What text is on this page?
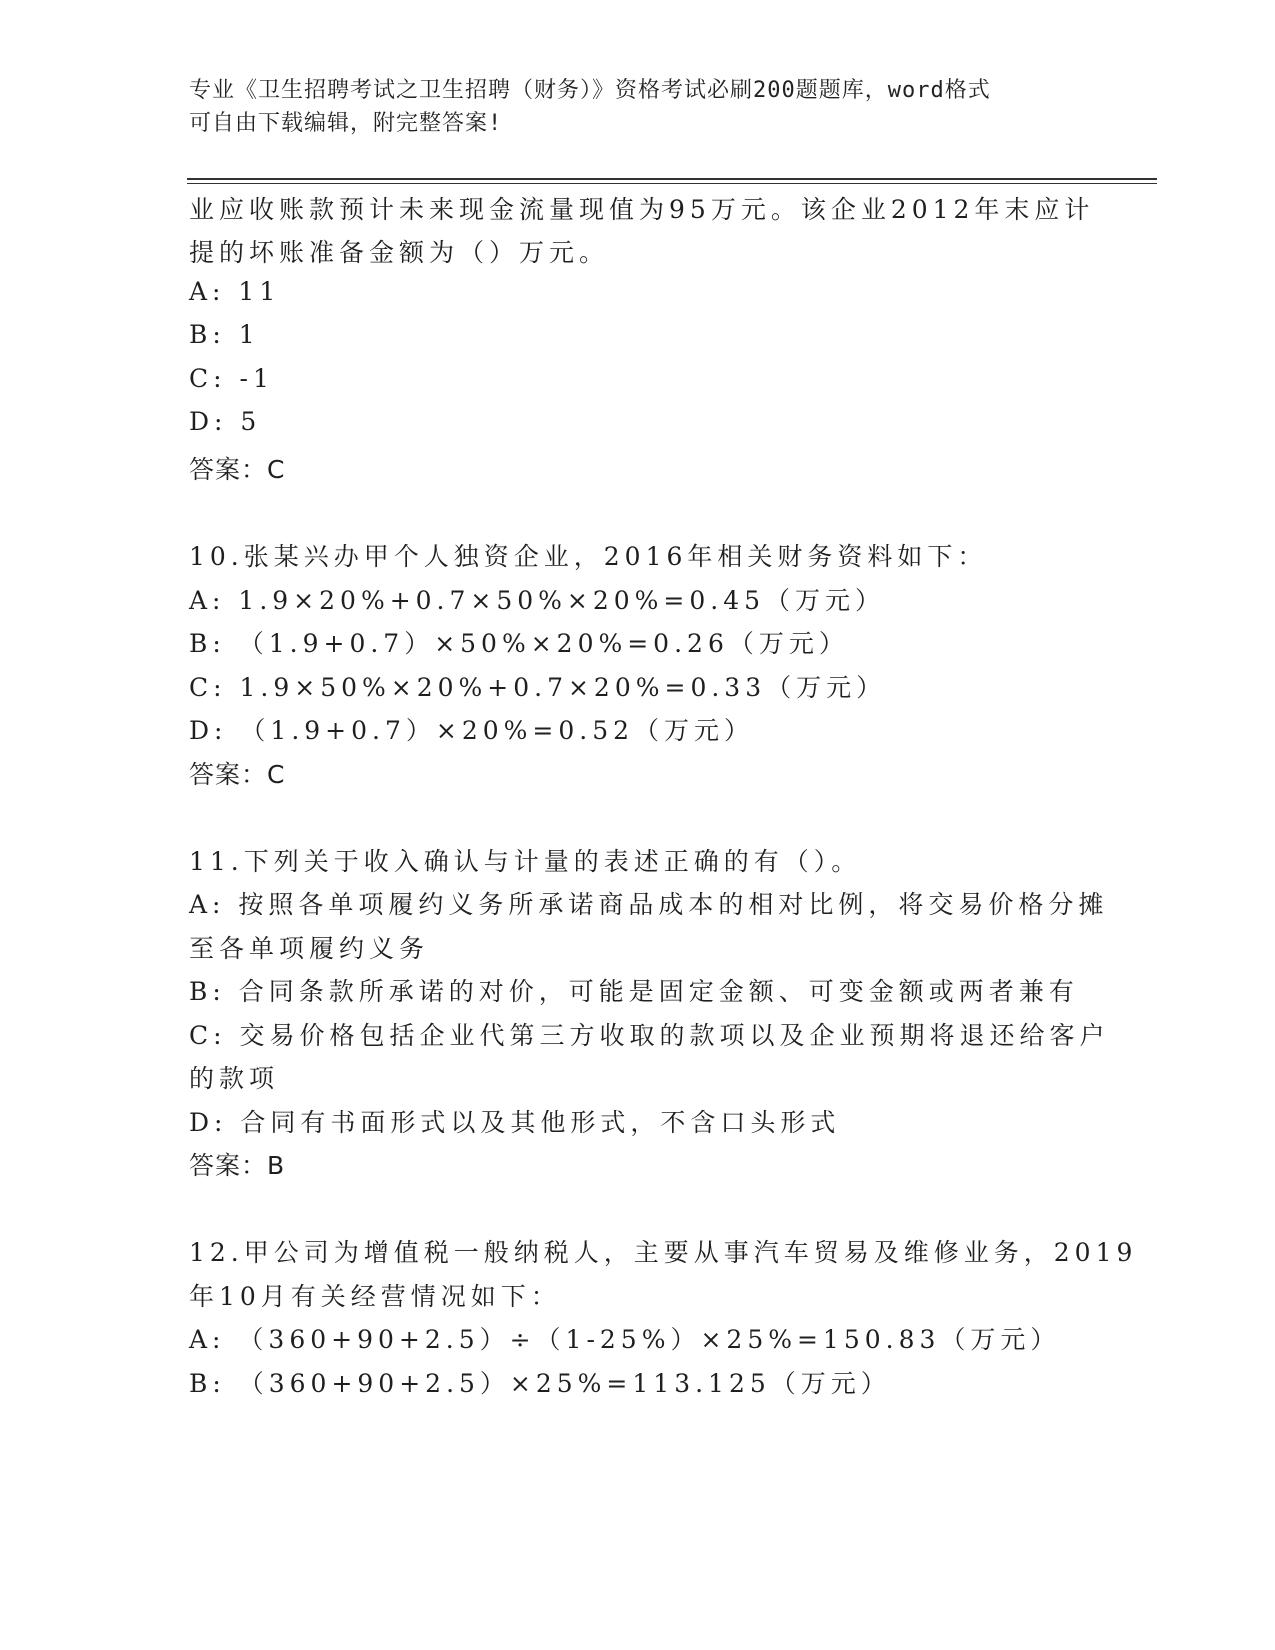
专业《卫生招聘考试之卫生招聘（财务）》资格考试必刷200题题库，word格式
可自由下载编辑，附完整答案!
业应收账款预计未来现金流量现值为95万元。该企业2012年末应计
提的坏账准备金额为（）万元。
A: 11
B: 1
C: -1
D: 5
答案：C
10.张某兴办甲个人独资企业，2016年相关财务资料如下：
A: 1.9×20%+0.7×50%×20%=0.45（万元）
B: （1.9+0.7）×50%×20%=0.26（万元）
C: 1.9×50%×20%+0.7×20%=0.33（万元）
D: （1.9+0.7）×20%=0.52（万元）
答案：C
11.下列关于收入确认与计量的表述正确的有（）。
A: 按照各单项履约义务所承诺商品成本的相对比例，将交易价格分摊
至各单项履约义务
B: 合同条款所承诺的对价，可能是固定金额、可变金额或两者兼有
C: 交易价格包括企业代第三方收取的款项以及企业预期将退还给客户
的款项
D: 合同有书面形式以及其他形式，不含口头形式
答案：B
12.甲公司为增值税一般纳税人，主要从事汽车贸易及维修业务，2019
年10月有关经营情况如下：
A: （360+90+2.5）÷（1-25%）×25%=150.83（万元）
B: （360+90+2.5）×25%=113.125（万元）
